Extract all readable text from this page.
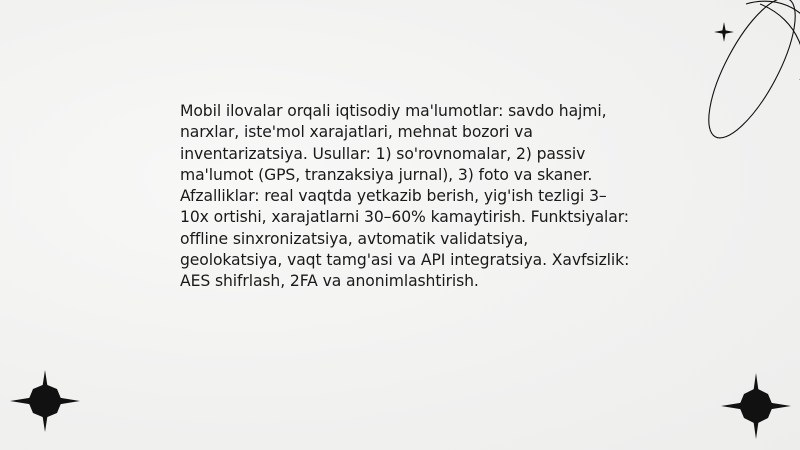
Mobil ilovalar orqali iqtisodiy ma'lumotlar: savdo hajmi, narxlar, iste'mol xarajatlari, mehnat bozori va inventarizatsiya. Usullar: 1) so'rovnomalar, 2) passiv ma'lumot (GPS, tranzaksiya jurnal), 3) foto va skaner. Afzalliklar: real vaqtda yetkazib berish, yig'ish tezligi 3–10x ortishi, xarajatlarni 30–60% kamaytirish. Funktsiyalar: offline sinxronizatsiya, avtomatik validatsiya, geolokatsiya, vaqt tamg'asi va API integratsiya. Xavfsizlik: AES shifrlash, 2FA va anonimlashtirish.
